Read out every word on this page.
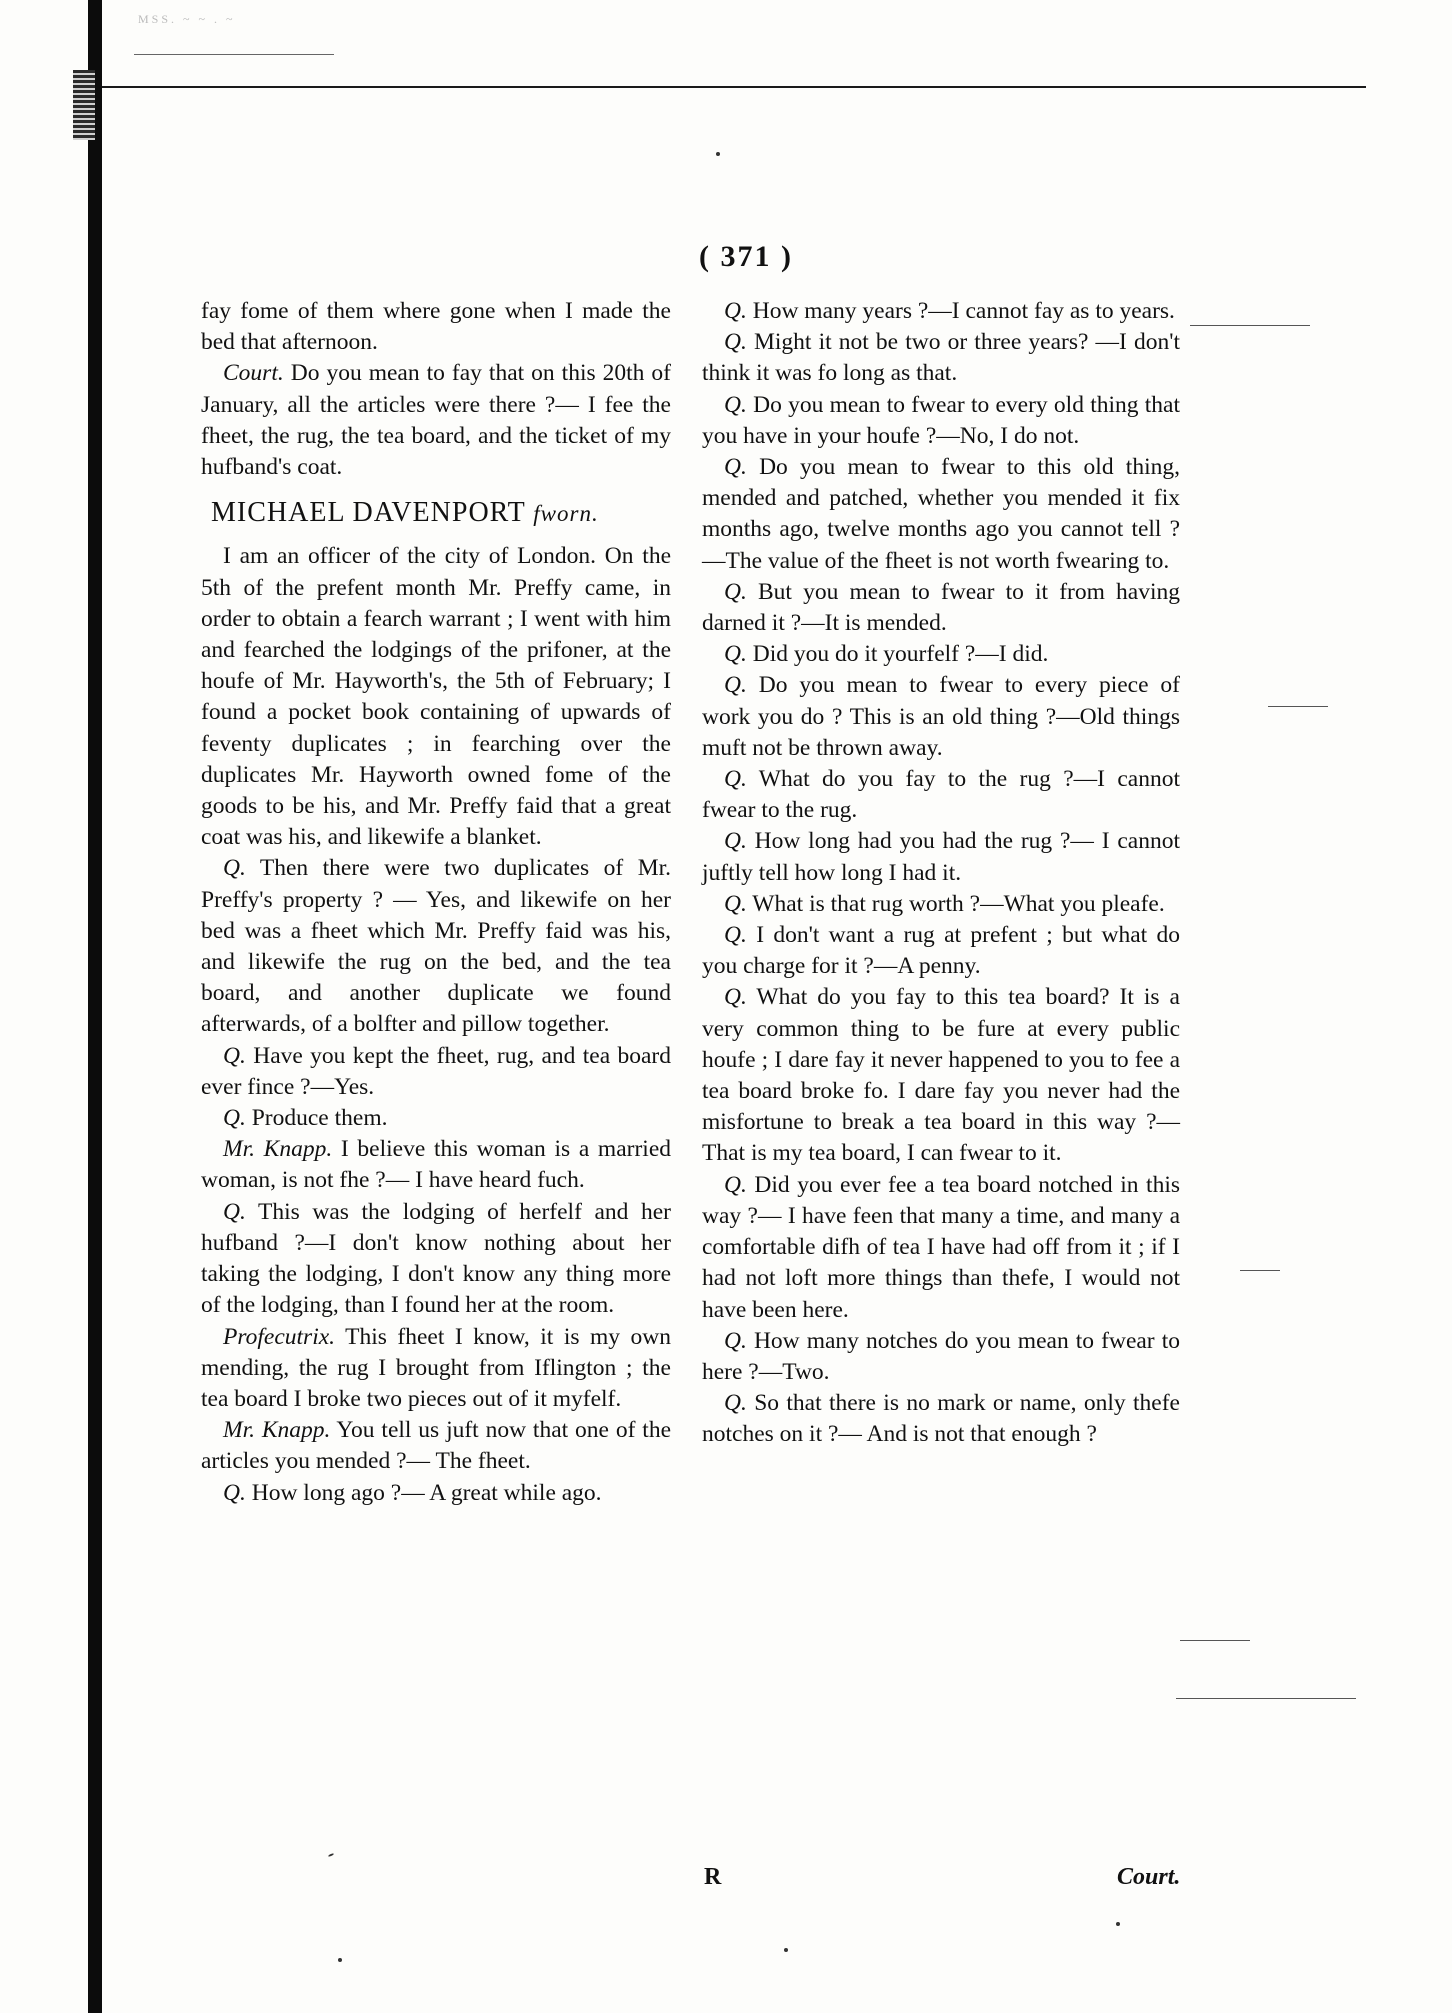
MSS. ~ ~ . ~
( 371 )

fay fome of them where gone when I made the bed that afternoon.

Court. Do you mean to fay that on this 20th of January, all the articles were there ?— I fee the fheet, the rug, the tea board, and the ticket of my hufband's coat.

MICHAEL DAVENPORT fworn.

I am an officer of the city of London. On the 5th of the prefent month Mr. Preffy came, in order to obtain a fearch warrant ; I went with him and fearched the lodgings of the prifoner, at the houfe of Mr. Hayworth's, the 5th of February; I found a pocket book containing of upwards of feventy duplicates ; in fearching over the duplicates Mr. Hayworth owned fome of the goods to be his, and Mr. Preffy faid that a great coat was his, and likewife a blanket.

Q. Then there were two duplicates of Mr. Preffy's property ? — Yes, and likewife on her bed was a fheet which Mr. Preffy faid was his, and likewife the rug on the bed, and the tea board, and another duplicate we found afterwards, of a bolfter and pillow together.

Q. Have you kept the fheet, rug, and tea board ever fince ?—Yes.

Q. Produce them.

Mr. Knapp. I believe this woman is a married woman, is not fhe ?— I have heard fuch.

Q. This was the lodging of herfelf and her hufband ?—I don't know nothing about her taking the lodging, I don't know any thing more of the lodging, than I found her at the room.

Profecutrix. This fheet I know, it is my own mending, the rug I brought from Iflington ; the tea board I broke two pieces out of it myfelf.

Mr. Knapp. You tell us juft now that one of the articles you mended ?— The fheet.

Q. How long ago ?— A great while ago.

Q. How many years ?—I cannot fay as to years.

Q. Might it not be two or three years? —I don't think it was fo long as that.

Q. Do you mean to fwear to every old thing that you have in your houfe ?—No, I do not.

Q. Do you mean to fwear to this old thing, mended and patched, whether you mended it fix months ago, twelve months ago you cannot tell ?—The value of the fheet is not worth fwearing to.

Q. But you mean to fwear to it from having darned it ?—It is mended.

Q. Did you do it yourfelf ?—I did.

Q. Do you mean to fwear to every piece of work you do ? This is an old thing ?—Old things muft not be thrown away.

Q. What do you fay to the rug ?—I cannot fwear to the rug.

Q. How long had you had the rug ?— I cannot juftly tell how long I had it.

Q. What is that rug worth ?—What you pleafe.

Q. I don't want a rug at prefent ; but what do you charge for it ?—A penny.

Q. What do you fay to this tea board? It is a very common thing to be fure at every public houfe ; I dare fay it never happened to you to fee a tea board broke fo. I dare fay you never had the misfortune to break a tea board in this way ?—That is my tea board, I can fwear to it.

Q. Did you ever fee a tea board notched in this way ?— I have feen that many a time, and many a comfortable difh of tea I have had off from it ; if I had not loft more things than thefe, I would not have been here.

Q. How many notches do you mean to fwear to here ?—Two.

Q. So that there is no mark or name, only thefe notches on it ?— And is not that enough ?

R	Court.
